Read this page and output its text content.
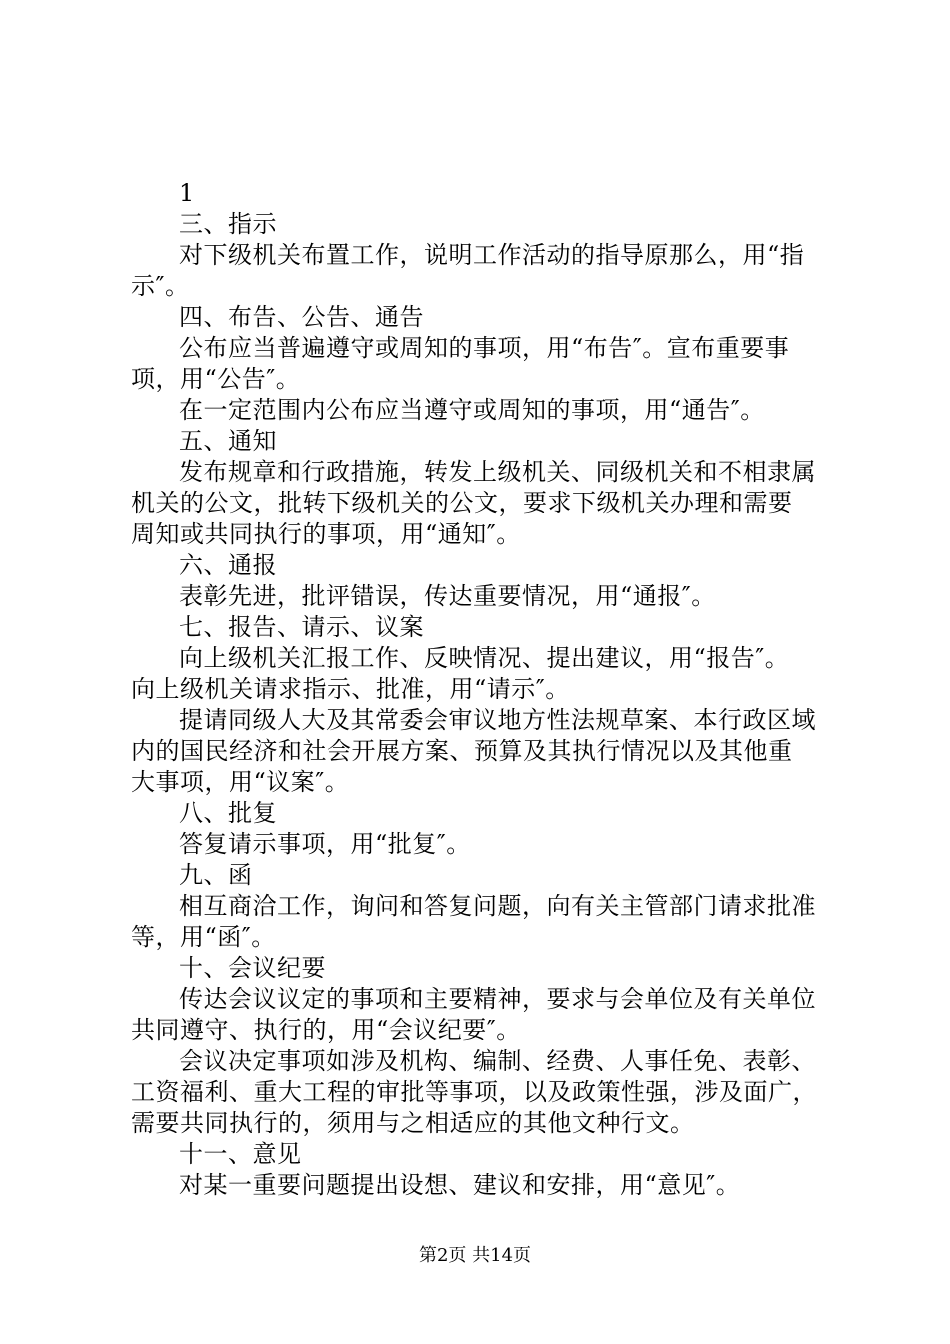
1
三、指示
对下级机关布置工作，说明工作活动的指导原那么，用“指
示″。
四、布告、公告、通告
公布应当普遍遵守或周知的事项，用“布告″。宣布重要事
项，用“公告″。
在一定范围内公布应当遵守或周知的事项，用“通告″。
五、通知
发布规章和行政措施，转发上级机关、同级机关和不相隶属
机关的公文，批转下级机关的公文，要求下级机关办理和需要
周知或共同执行的事项，用“通知″。
六、通报
表彰先进，批评错误，传达重要情况，用“通报″。
七、报告、请示、议案
向上级机关汇报工作、反映情况、提出建议，用“报告″。
向上级机关请求指示、批准，用“请示″。
提请同级人大及其常委会审议地方性法规草案、本行政区域
内的国民经济和社会开展方案、预算及其执行情况以及其他重
大事项，用“议案″。
八、批复
答复请示事项，用“批复″。
九、函
相互商洽工作，询问和答复问题，向有关主管部门请求批准
等，用“函″。
十、会议纪要
传达会议议定的事项和主要精神，要求与会单位及有关单位
共同遵守、执行的，用“会议纪要″。
会议决定事项如涉及机构、编制、经费、人事任免、表彰、
工资福利、重大工程的审批等事项，以及政策性强，涉及面广，
需要共同执行的，须用与之相适应的其他文种行文。
十一、意见
对某一重要问题提出设想、建议和安排，用“意见″。
第2页 共14页
